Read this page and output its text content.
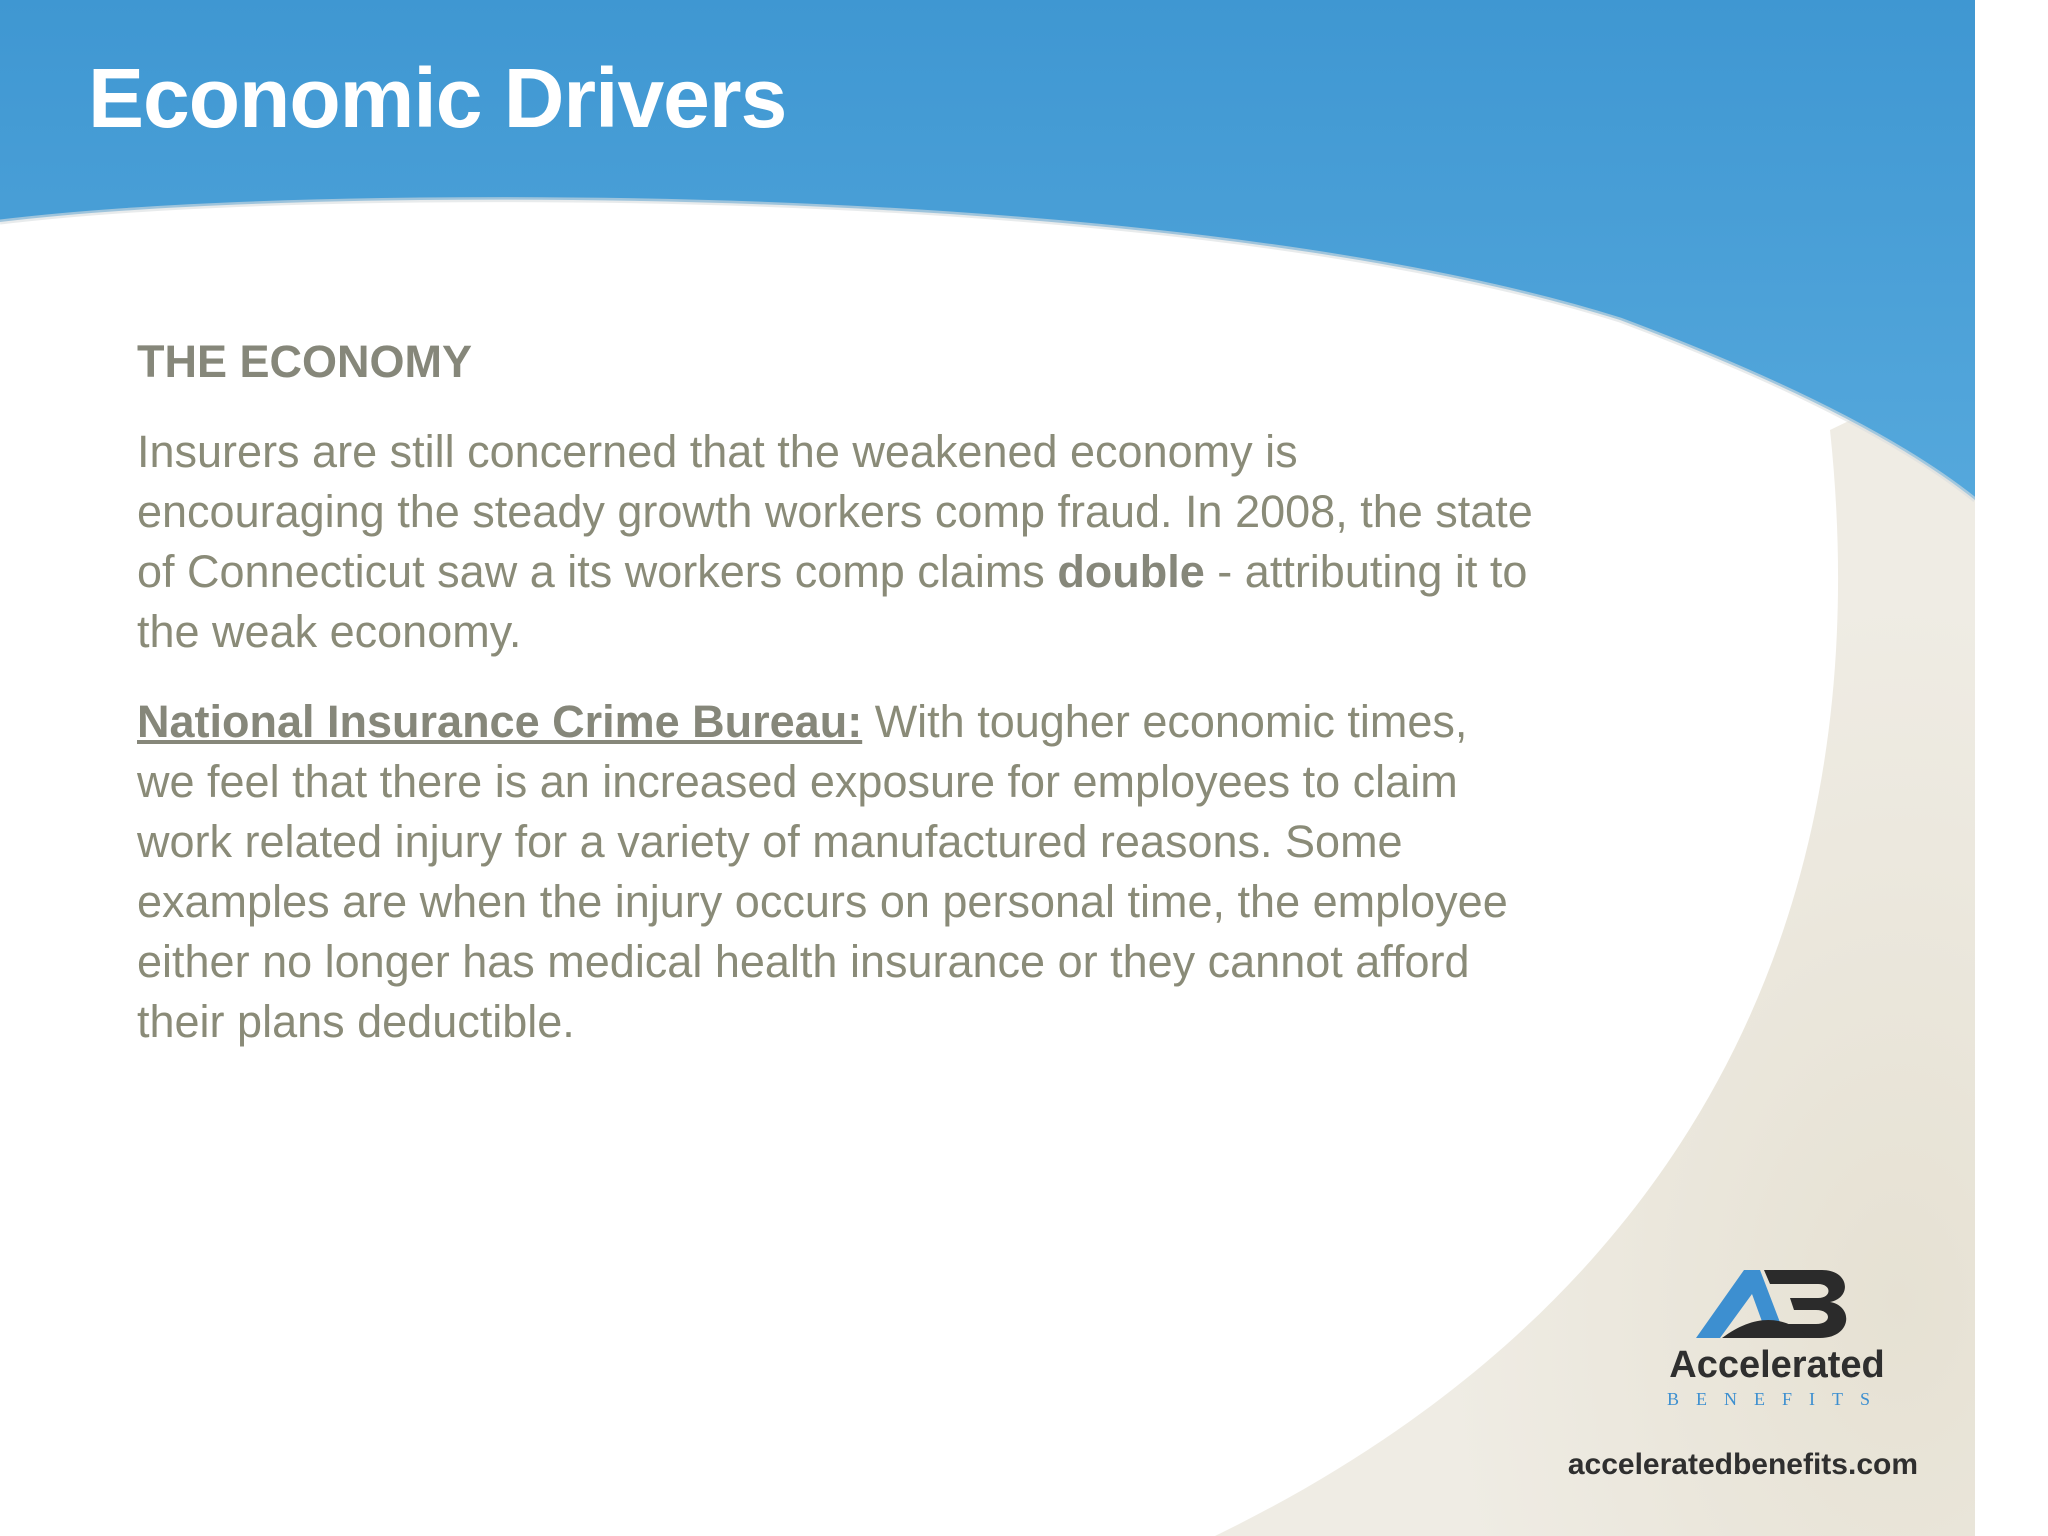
Economic Drivers

THE ECONOMY

Insurers are still concerned that the weakened economy is encouraging the steady growth workers comp fraud. In 2008, the state of Connecticut saw a its workers comp claims double - attributing it to the weak economy.

National Insurance Crime Bureau: With tougher economic times, we feel that there is an increased exposure for employees to claim work related injury for a variety of manufactured reasons. Some examples are when the injury occurs on personal time, the employee either no longer has medical health insurance or they cannot afford their plans deductible.

Accelerated
BENEFITS
acceleratedbenefits.com
